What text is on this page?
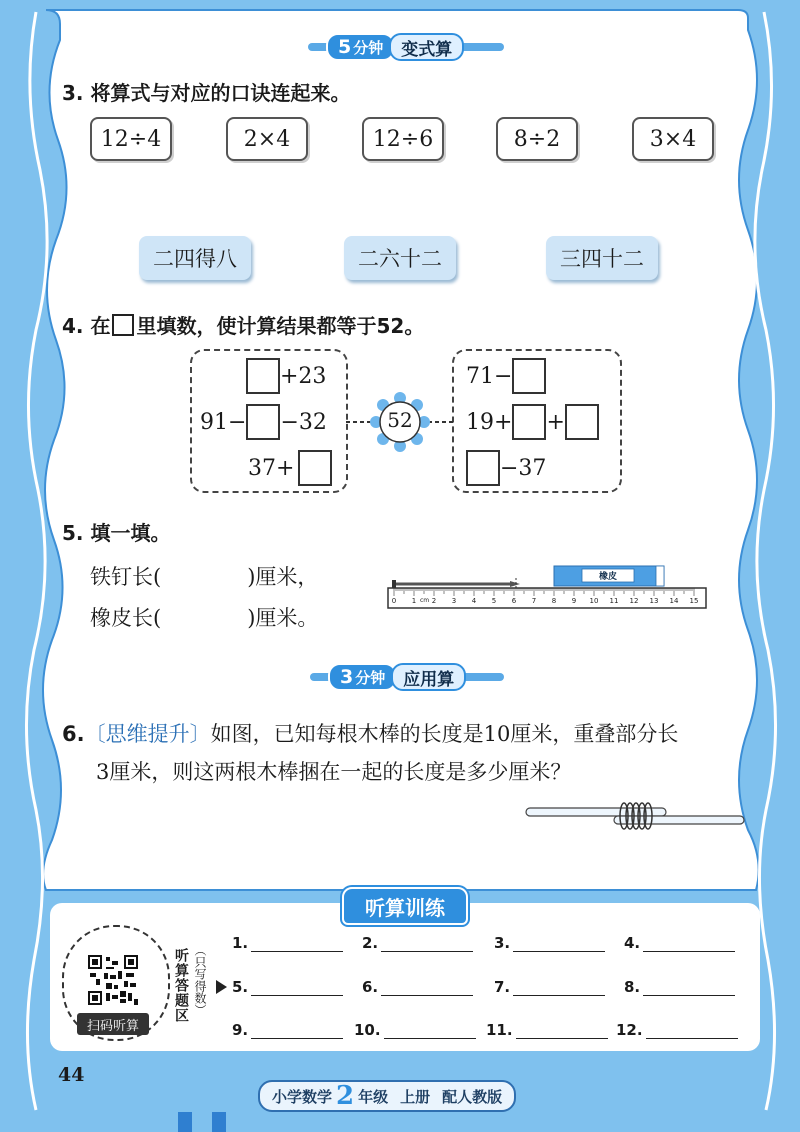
5 分钟	变式算
3. 将算式与对应的口诀连起来。
12÷4	2×4	12÷6	8÷2	3×4
二四得八	二六十二	三四十二
4. 在 里填数，使计算结果都等于52。
52
+23
91− −32
37+
71−
19+ +
−37
5. 填一填。
铁钉长(	)厘米，
橡皮长(	)厘米。
橡皮
0	1	2	3	4	5	6	7	8	9	10	11	12	13	14	15
cm
3 分钟	应用算
6.〔思维提升〕如图，已知每根木棒的长度是10厘米，重叠部分长
3厘米，则这两根木棒捆在一起的长度是多少厘米？
听算训练
扫码听算
听算答题区 （只写得数）
1.	2.	3.	4.
5.	6.	7.	8.
9.	10.	11.	12.
44
小学数学 2 年级 上册 配人教版
